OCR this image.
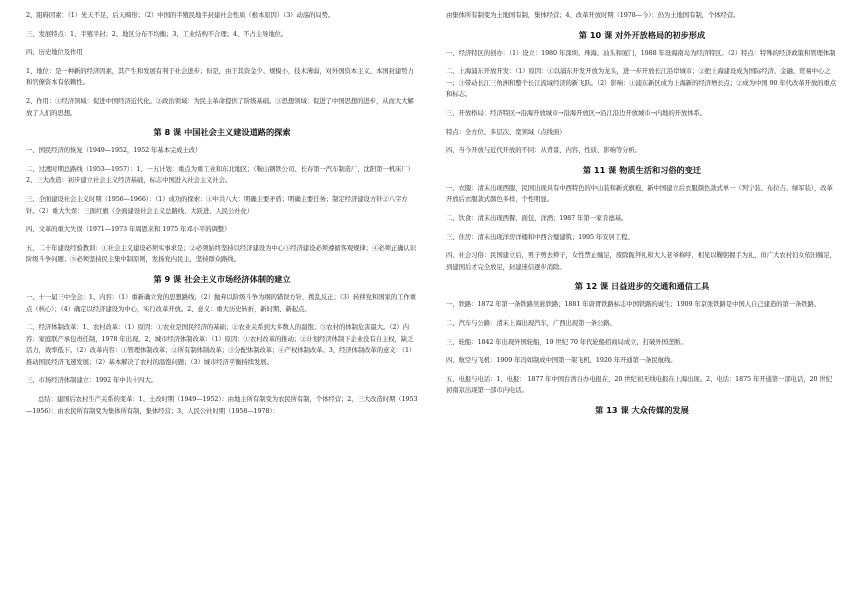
2、阻碍因素：（1）先天不足，后天畸形；（2）中国的半殖民地半封建社会性质（根本原因）（3）动荡的局势。

三、发展特点：1、半殖半封；2、地区分布不均衡；3、工业结构不合理；4、不占主导地位。

四、历史地位及作用

1、地位：是一种新的经济因素，其产生和发展有利于社会进步；但是，由于其资金少、规模小，技术薄弱，对外国资本主义、本国封建势力和官僚资本有依赖性。

2、作用：①经济领域：促进中国经济近代化。②政治领域：为民主革命提供了阶级基础。③思想领域：促进了中国思想的进步，从而大大解放了人们的思想。

第 8 课 中国社会主义建设道路的探索

一、国民经济的恢复（1949—1952，1952 年基本完成土改）

二、过渡时期总路线（1953—1957）：1、一五计划：重点为重工业和东北地区；（鞍山钢铁公司、长春第一汽车制造厂、沈阳第一机床厂）2、三大改造：初步建立社会主义经济基础，标志中国进入社会主义社会。

三、全面建设社会主义时期（1956—1966）：（1）成功的探索：①中共八大：明确主要矛盾；明确主要任务；制定经济建设方针②八字方针。（2）重大失误：三面红旗（全面建设社会主义总路线、大跃进、人民公社化）

四、文革的重大失误（1971—1973 年周恩来和 1975 年邓小平的调整）

五、二十年建设经验教训：①社会主义建设必须实事求是；②必须始终坚持以经济建设为中心③经济建设必须遵循客观规律；④必须正确认识阶级斗争问题；⑤必须坚持民主集中制原则，发扬党内民主，坚持群众路线。

第 9 课 社会主义市场经济体制的建立

一、十一届三中全会：1、内容：（1）重新确立党的思想路线；（2）抛弃以阶级斗争为纲的错误方针，拨乱反正；（3）转移党和国家的工作重点（核心）；（4）确定以经济建设为中心，实行改革开放。2、意义：重大历史转折，新时期、新起点。

二、经济体制改革：1、农村改革：（1）原因：①农业是国民经济的基础；②农业关系到大多数人的温饱；③农村的体制危害最大。（2）内容：家庭联产承包责任制，1978 年出现。2、城市经济体制改革：（1）原因：①农村改革的推动；②计划经济体制下企业没有自主权，缺乏活力，效率低下。（2）改革内容：①管理体制改革；②所有制体制改革；③分配体制改革；④产权体制改革。3、经济体制改革的意义：（1）推动国民经济飞速发展；（2）基本解决了农村的温饱问题；（3）城市经济平衡持续发展。

三、市场经济体制建立：1992 年中共十四大。

总结：建国后农村生产关系的变革：1、土改时期（1949—1952）：由地主所有制变为农民所有制，个体经营；2、三大改造时期（1953—1956）：由农民所有制变为集体所有制，集体经营；3、人民公社时期（1958—1978）：

由集体所有制变为土地国有制，集体经营；4、改革开放时期（1978—今）：仍为土地国有制，个体经营。

第 10 课 对外开放格局的初步形成

一、经济特区的创办：（1）设立：1980 年深圳、珠海、汕头和厦门，1988 年设海南岛为经济特区。（2）特点：特殊的经济政策和管理体制

二、上海浦东开放开发：（1）原因：①以浦东开发开放为龙头，进一步开放长江沿岸城市；②把上海建设成为国际经济、金融、贸易中心之一；③带动长江三角洲和整个长江流域经济的新飞跃。（2）影响：①浦东新区成为上海新的经济增长点；②成为中国 90 年代改革开放的重点和标志。

三、开放格局：经济特区→沿海开放城市→沿海开放区→沿江沿边开放城市→内地的开放体系。

特点：全方位、多层次、宽领域（点线面）

四、当今开放与近代开放的不同：从背景、内容、性质、影响等分析。

第 11 课 物质生活和习俗的变迁

一、衣服：清末出现西服，民国出现具有中西特色的中山装和新式旗袍，新中国建立后衣服颜色款式单一（列宁装、布拉吉、绿军装），改革开放后衣服款式颜色多样，个性明显。

二、饮食：清末出现西餐、面包，洋酒；1987 年第一家肯德基。

三、住房：清末出现洋房洋楼和中西合璧建筑；1995 年安居工程。

四、社会习俗：民国建立后，男子剪去辫子，女性禁止缠足，废除跪拜礼和大人老爷称呼，相见以鞠躬握手为礼，但广大农村妇女依旧缠足，到建国后才完全放足，封建迷信逐步消除。

第 12 课 日益进步的交通和通信工具

一、铁路：1872 年第一条铁路吴淞铁路；1881 年唐胥铁路标志中国铁路的诞生；1909 年京张铁路是中国人自己建造的第一条铁路。

二、汽车与公路：清末上海出现汽车，广西出现第一条公路。

三、轮船：1842 年出现外国轮船，19 世纪 70 年代轮船招商局成立，打破外国垄断。

四、航空与飞机：1909 年冯如制成中国第一架飞机，1920 年开通第一条民航线。

五、电报与电话：1、电报： 1877 年中国台湾自办电报在，20 世纪初无线电报在上海出现。2、电话：1875 年开通第一部电话，20 世纪初南京出现第一部市内电话。

第 13 课 大众传媒的发展
